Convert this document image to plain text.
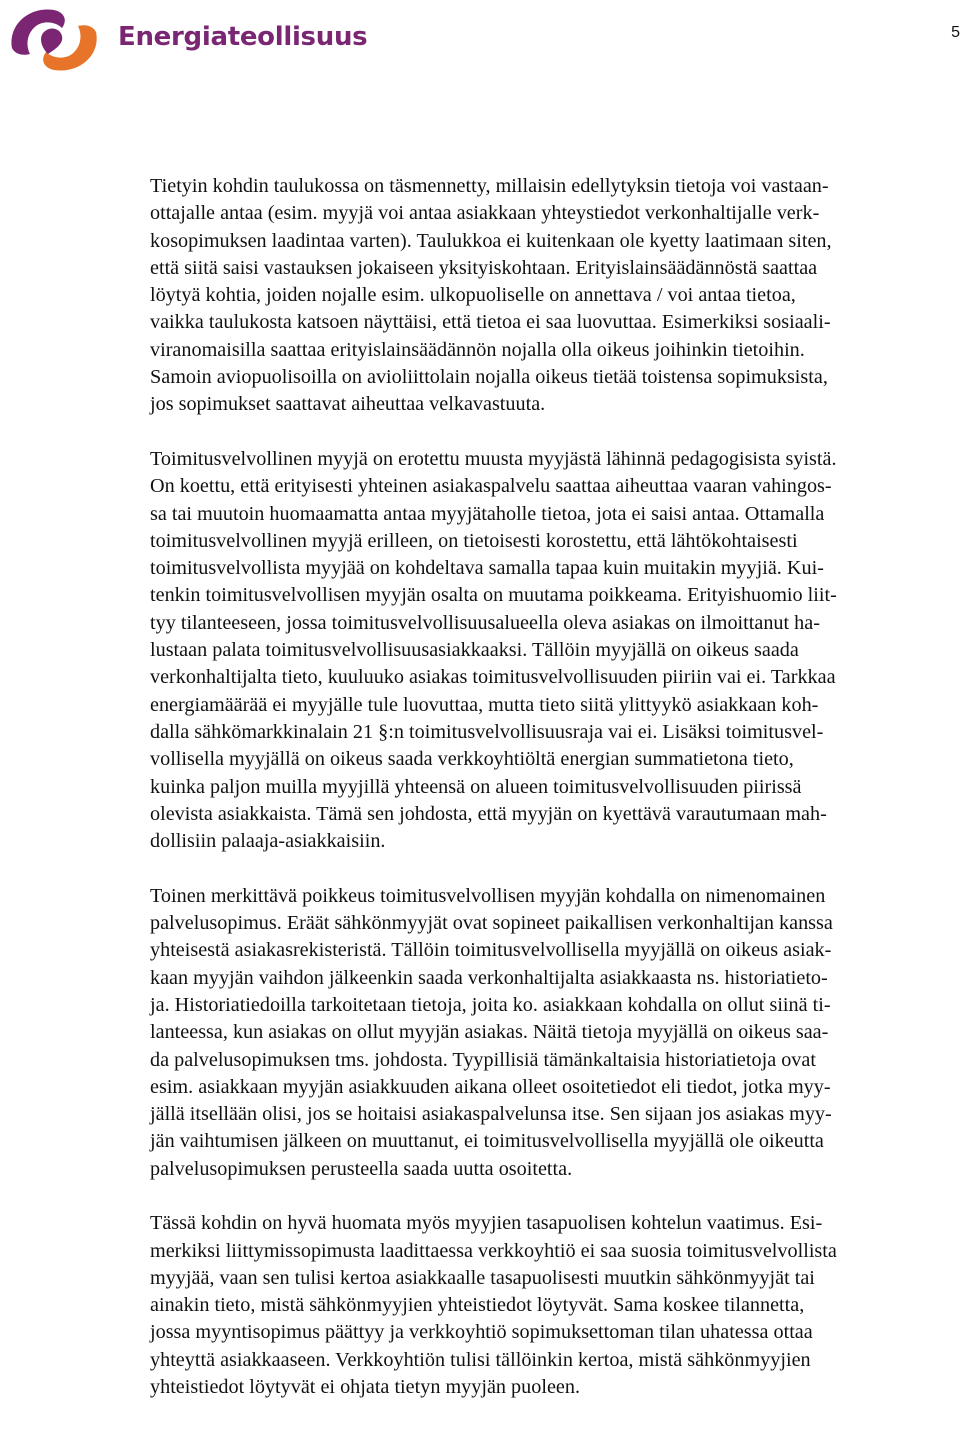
Energiateollisuus	5
Tietyin kohdin taulukossa on täsmennetty, millaisin edellytyksin tietoja voi vastaan-
ottajalle antaa (esim. myyjä voi antaa asiakkaan yhteystiedot verkonhaltijalle verk-
kosopimuksen laadintaa varten). Taulukkoa ei kuitenkaan ole kyetty laatimaan siten,
että siitä saisi vastauksen jokaiseen yksityiskohtaan. Erityislainsäädännöstä saattaa
löytyä kohtia, joiden nojalle esim. ulkopuoliselle on annettava / voi antaa tietoa,
vaikka taulukosta katsoen näyttäisi, että tietoa ei saa luovuttaa. Esimerkiksi sosiaali-
viranomaisilla saattaa erityislainsäädännön nojalla olla oikeus joihinkin tietoihin.
Samoin aviopuolisoilla on avioliittolain nojalla oikeus tietää toistensa sopimuksista,
jos sopimukset saattavat aiheuttaa velkavastuuta.
Toimitusvelvollinen myyjä on erotettu muusta myyjästä lähinnä pedagogisista syistä.
On koettu, että erityisesti yhteinen asiakaspalvelu saattaa aiheuttaa vaaran vahingos-
sa tai muutoin huomaamatta antaa myyjätaholle tietoa, jota ei saisi antaa. Ottamalla
toimitusvelvollinen myyjä erilleen, on tietoisesti korostettu, että lähtökohtaisesti
toimitusvelvollista myyjää on kohdeltava samalla tapaa kuin muitakin myyjiä. Kui-
tenkin toimitusvelvollisen myyjän osalta on muutama poikkeama. Erityishuomio liit-
tyy tilanteeseen, jossa toimitusvelvollisuusalueella oleva asiakas on ilmoittanut ha-
lustaan palata toimitusvelvollisuusasiakkaaksi. Tällöin myyjällä on oikeus saada
verkonhaltijalta tieto, kuuluuko asiakas toimitusvelvollisuuden piiriin vai ei. Tarkkaa
energiamäärää ei myyjälle tule luovuttaa, mutta tieto siitä ylittyykö asiakkaan koh-
dalla sähkömarkkinalain 21 §:n toimitusvelvollisuusraja vai ei. Lisäksi toimitusvel-
vollisella myyjällä on oikeus saada verkkoyhtiöltä energian summatietona tieto,
kuinka paljon muilla myyjillä yhteensä on alueen toimitusvelvollisuuden piirissä
olevista asiakkaista. Tämä sen johdosta, että myyjän on kyettävä varautumaan mah-
dollisiin palaaja-asiakkaisiin.
Toinen merkittävä poikkeus toimitusvelvollisen myyjän kohdalla on nimenomainen
palvelusopimus. Eräät sähkönmyyjät ovat sopineet paikallisen verkonhaltijan kanssa
yhteisestä asiakasrekisteristä. Tällöin toimitusvelvollisella myyjällä on oikeus asiak-
kaan myyjän vaihdon jälkeenkin saada verkonhaltijalta asiakkaasta ns. historiatieto-
ja. Historiatiedoilla tarkoitetaan tietoja, joita ko. asiakkaan kohdalla on ollut siinä ti-
lanteessa, kun asiakas on ollut myyjän asiakas. Näitä tietoja myyjällä on oikeus saa-
da palvelusopimuksen tms. johdosta. Tyypillisiä tämänkaltaisia historiatietoja ovat
esim. asiakkaan myyjän asiakkuuden aikana olleet osoitetiedot eli tiedot, jotka myy-
jällä itsellään olisi, jos se hoitaisi asiakaspalvelunsa itse. Sen sijaan jos asiakas myy-
jän vaihtumisen jälkeen on muuttanut, ei toimitusvelvollisella myyjällä ole oikeutta
palvelusopimuksen perusteella saada uutta osoitetta.
Tässä kohdin on hyvä huomata myös myyjien tasapuolisen kohtelun vaatimus. Esi-
merkiksi liittymissopimusta laadittaessa verkkoyhtiö ei saa suosia toimitusvelvollista
myyjää, vaan sen tulisi kertoa asiakkaalle tasapuolisesti muutkin sähkönmyyjät tai
ainakin tieto, mistä sähkönmyyjien yhteistiedot löytyvät. Sama koskee tilannetta,
jossa myyntisopimus päättyy ja verkkoyhtiö sopimuksettoman tilan uhatessa ottaa
yhteyttä asiakkaaseen. Verkkoyhtiön tulisi tällöinkin kertoa, mistä sähkönmyyjien
yhteistiedot löytyvät ei ohjata tietyn myyjän puoleen.
